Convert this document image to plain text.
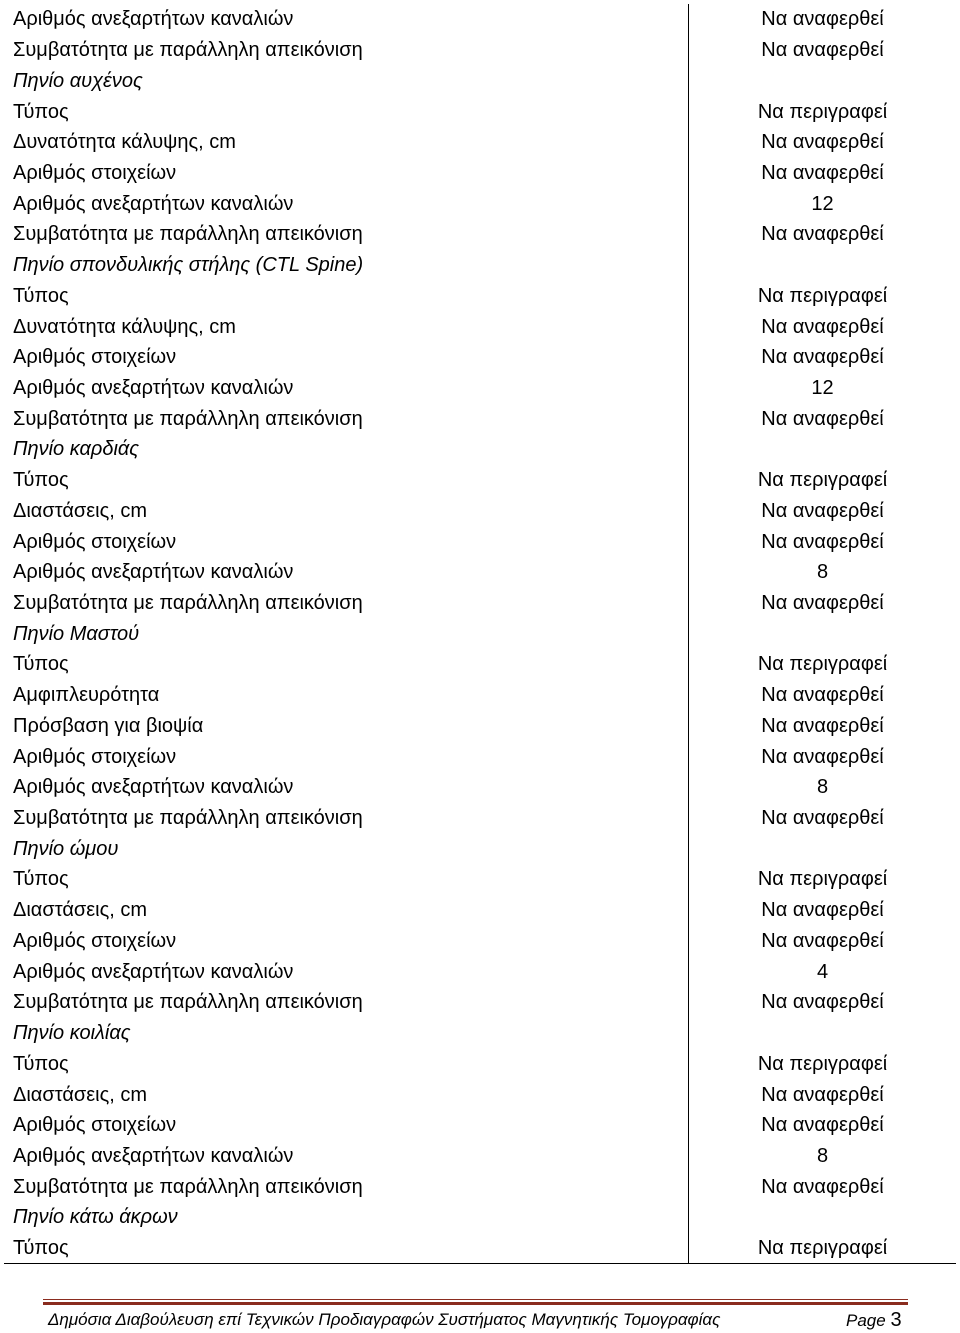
Αριθμός ανεξαρτήτων καναλιών	Να αναφερθεί
Συμβατότητα με παράλληλη απεικόνιση	Να αναφερθεί
Πηνίο αυχένος	
Τύπος	Να περιγραφεί
Δυνατότητα κάλυψης, cm	Να αναφερθεί
Αριθμός στοιχείων	Να αναφερθεί
Αριθμός ανεξαρτήτων καναλιών	12
Συμβατότητα με παράλληλη απεικόνιση	Να αναφερθεί
Πηνίο σπονδυλικής στήλης (CTL Spine)	
Τύπος	Να περιγραφεί
Δυνατότητα κάλυψης, cm	Να αναφερθεί
Αριθμός στοιχείων	Να αναφερθεί
Αριθμός ανεξαρτήτων καναλιών	12
Συμβατότητα με παράλληλη απεικόνιση	Να αναφερθεί
Πηνίο καρδιάς	
Τύπος	Να περιγραφεί
Διαστάσεις, cm	Να αναφερθεί
Αριθμός στοιχείων	Να αναφερθεί
Αριθμός ανεξαρτήτων καναλιών	8
Συμβατότητα με παράλληλη απεικόνιση	Να αναφερθεί
Πηνίο Μαστού	
Τύπος	Να περιγραφεί
Αμφιπλευρότητα	Να αναφερθεί
Πρόσβαση για βιοψία	Να αναφερθεί
Αριθμός στοιχείων	Να αναφερθεί
Αριθμός ανεξαρτήτων καναλιών	8
Συμβατότητα με παράλληλη απεικόνιση	Να αναφερθεί
Πηνίο ώμου	
Τύπος	Να περιγραφεί
Διαστάσεις, cm	Να αναφερθεί
Αριθμός στοιχείων	Να αναφερθεί
Αριθμός ανεξαρτήτων καναλιών	4
Συμβατότητα με παράλληλη απεικόνιση	Να αναφερθεί
Πηνίο κοιλίας	
Τύπος	Να περιγραφεί
Διαστάσεις, cm	Να αναφερθεί
Αριθμός στοιχείων	Να αναφερθεί
Αριθμός ανεξαρτήτων καναλιών	8
Συμβατότητα με παράλληλη απεικόνιση	Να αναφερθεί
Πηνίο κάτω άκρων	
Τύπος	Να περιγραφεί
Δημόσια Διαβούλευση επί Τεχνικών Προδιαγραφών Συστήματος Μαγνητικής Τομογραφίας	Page 3
